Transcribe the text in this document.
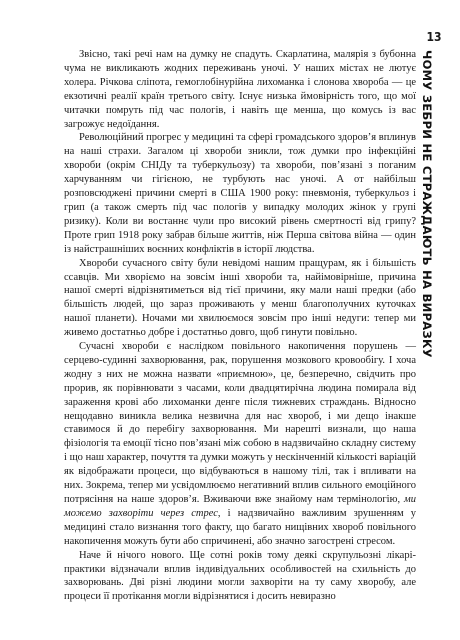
13
ЧОМУ ЗЕБРИ НЕ СТРАЖДАЮТЬ НА ВИРАЗКУ

Звісно, такі речі нам на думку не спадуть. Скарлатина, малярія з бубонна чума не викликають жодних переживань уночі. У наших містах не лютує холера. Річкова сліпота, гемоглобінурійна лихоманка і слонова хвороба — це екзотичні реалії країн третього світу. Існує низька ймовірність того, що мої читачки помруть під час пологів, і навіть ще менша, що комусь із вас загрожує недоїдання.

Революційний прогрес у медицині та сфері громадського здоров’я вплинув на наші страхи. Загалом ці хвороби зникли, тож думки про інфекційні хвороби (окрім СНІДу та туберкульозу) та хвороби, пов’язані з поганим харчуванням чи гігієною, не турбують нас уночі. А от найбільш розповсюджені причини смерті в США 1900 року: пневмонія, туберкульоз і грип (а також смерть під час пологів у випадку молодих жінок у групі ризику). Коли ви востаннє чули про високий рівень смертності від грипу? Проте грип 1918 року забрав більше життів, ніж Перша світова війна — один із найстрашніших воєнних конфліктів в історії людства.

Хвороби сучасного світу були невідомі нашим пращурам, як і більшість ссавців. Ми хворіємо на зовсім інші хвороби та, найімовірніше, причина нашої смерті відрізнятиметься від тієї причини, яку мали наші предки (або більшість людей, що зараз проживають у менш благополучних куточках нашої планети). Ночами ми хвилюємося зовсім про інші недуги: тепер ми живемо достатньо добре і достатньо довго, щоб гинути повільно.

Сучасні хвороби є наслідком повільного накопичення порушень — серцево-судинні захворювання, рак, порушення мозкового кровообігу. І хоча жодну з них не можна назвати «приємною», це, безперечно, свідчить про прорив, як порівнювати з часами, коли двадцятирічна людина помирала від зараження крові або лихоманки денге після тижневих страждань. Відносно нещодавно виникла велика незвична для нас хвороб, і ми дещо інакше ставимося й до перебігу захворювання. Ми нарешті визнали, що наша фізіологія та емоції тісно пов’язані між собою в надзвичайно складну систему і що наш характер, почуття та думки можуть у нескінченній кількості варіацій як відображати процеси, що відбуваються в нашому тілі, так і впливати на них. Зокрема, тепер ми усвідомлюємо негативний вплив сильного емоційного потрясіння на наше здоров’я. Вживаючи вже знайому нам термінологію, ми можемо захворіти через стрес, і надзвичайно важливим зрушенням у медицині стало визнання того факту, що багато нищівних хвороб повільного накопичення можуть бути або спричинені, або значно загострені стресом.

Наче й нічого нового. Ще сотні років тому деякі скрупульозні лікарі-практики відзначали вплив індивідуальних особливостей на схильність до захворювань. Дві різні людини могли захворіти на ту саму хворобу, але процеси її протікання могли відрізнятися і досить невиразно
